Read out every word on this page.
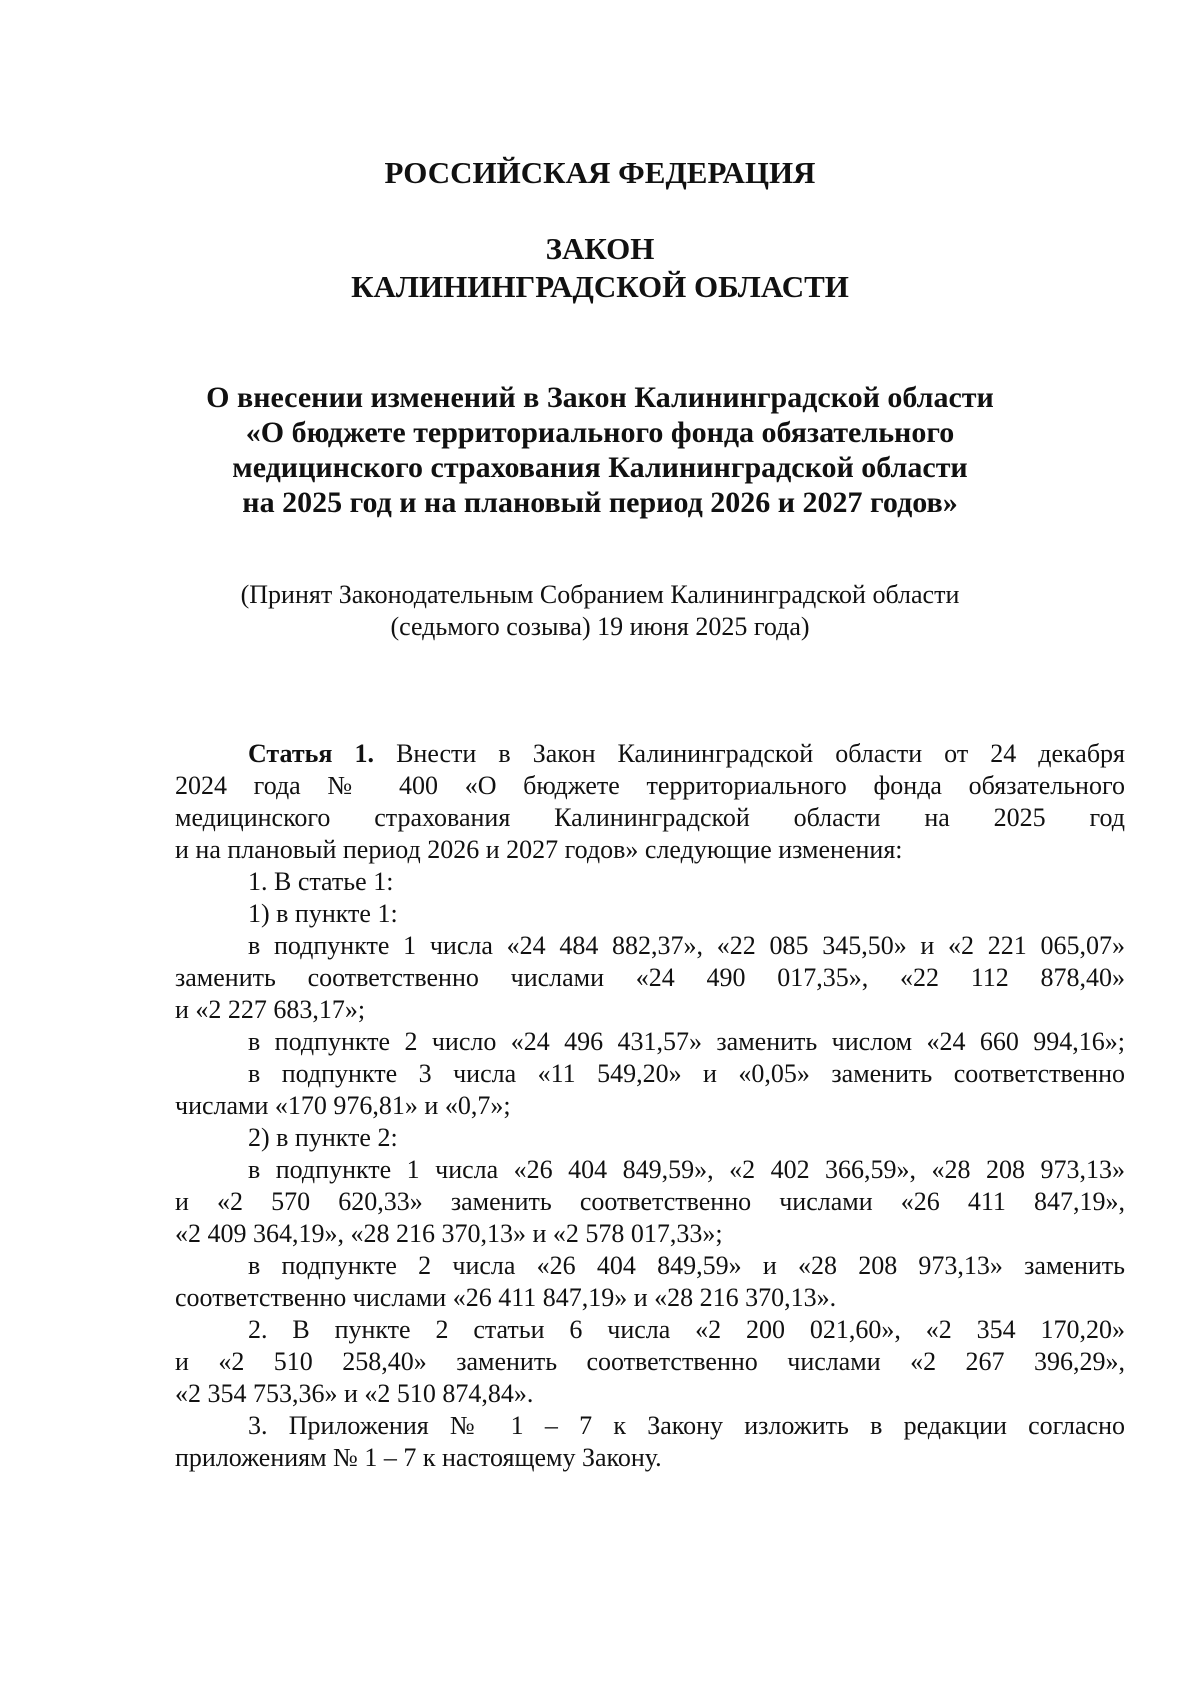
РОССИЙСКАЯ ФЕДЕРАЦИЯ
ЗАКОН
КАЛИНИНГРАДСКОЙ ОБЛАСТИ
О внесении изменений в Закон Калининградской области
«О бюджете территориального фонда обязательного
медицинского страхования Калининградской области
на 2025 год и на плановый период 2026 и 2027 годов»
(Принят Законодательным Собранием Калининградской области
(седьмого созыва) 19 июня 2025 года)
Статья 1. Внести в Закон Калининградской области от 24 декабря
2024 года № 400 «О бюджете территориального фонда обязательного
медицинского страхования Калининградской области на 2025 год
и на плановый период 2026 и 2027 годов» следующие изменения:
1. В статье 1:
1) в пункте 1:
в подпункте 1 числа «24 484 882,37», «22 085 345,50» и «2 221 065,07»
заменить соответственно числами «24 490 017,35», «22 112 878,40»
и «2 227 683,17»;
в подпункте 2 число «24 496 431,57» заменить числом «24 660 994,16»;
в подпункте 3 числа «11 549,20» и «0,05» заменить соответственно
числами «170 976,81» и «0,7»;
2) в пункте 2:
в подпункте 1 числа «26 404 849,59», «2 402 366,59», «28 208 973,13»
и «2 570 620,33» заменить соответственно числами «26 411 847,19»,
«2 409 364,19», «28 216 370,13» и «2 578 017,33»;
в подпункте 2 числа «26 404 849,59» и «28 208 973,13» заменить
соответственно числами «26 411 847,19» и «28 216 370,13».
2. В пункте 2 статьи 6 числа «2 200 021,60», «2 354 170,20»
и «2 510 258,40» заменить соответственно числами «2 267 396,29»,
«2 354 753,36» и «2 510 874,84».
3. Приложения № 1 – 7 к Закону изложить в редакции согласно
приложениям № 1 – 7 к настоящему Закону.
